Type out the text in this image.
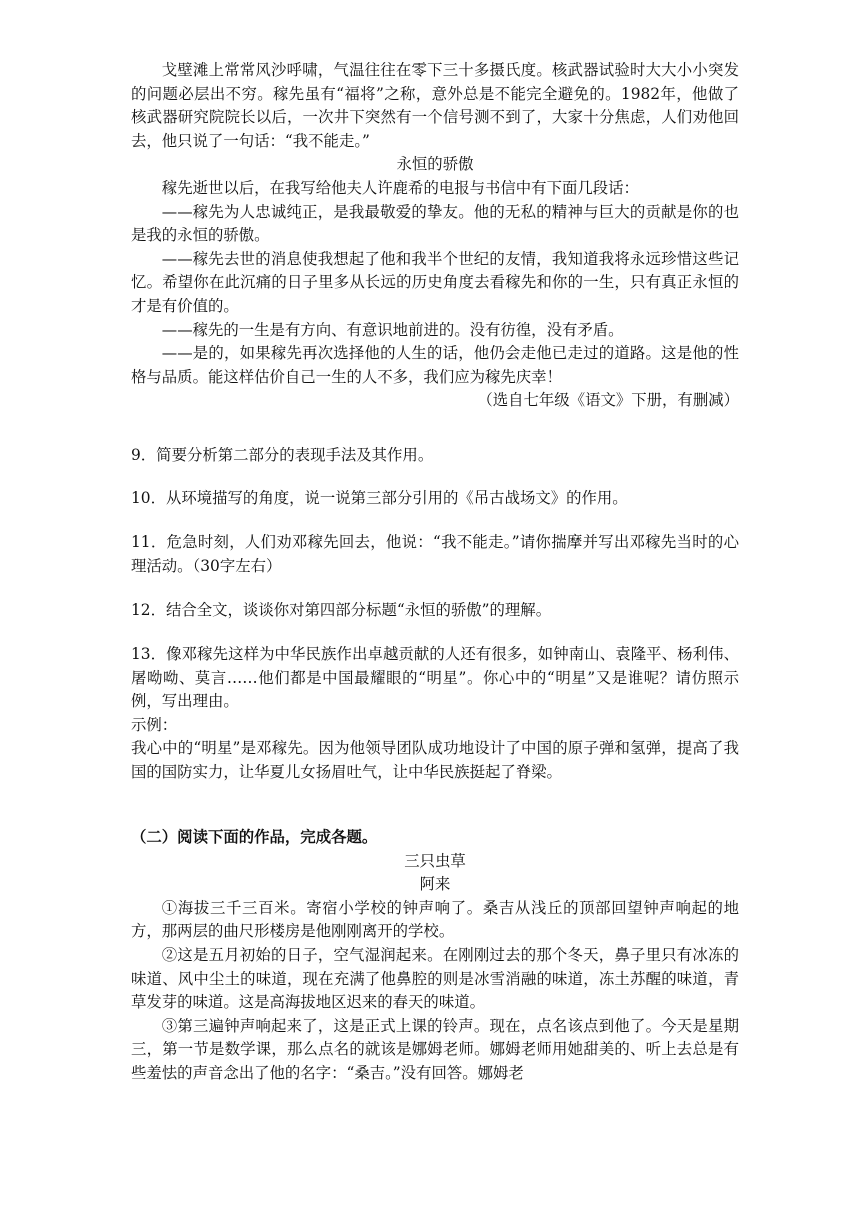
戈壁滩上常常风沙呼啸，气温往往在零下三十多摄氏度。核武器试验时大大小小突发的问题必层出不穷。稼先虽有“福将”之称，意外总是不能完全避免的。1982年，他做了核武器研究院院长以后，一次井下突然有一个信号测不到了，大家十分焦虑，人们劝他回去，他只说了一句话：“我不能走。”

永恒的骄傲

稼先逝世以后，在我写给他夫人许鹿希的电报与书信中有下面几段话：

——稼先为人忠诚纯正，是我最敬爱的挚友。他的无私的精神与巨大的贡献是你的也是我的永恒的骄傲。

——稼先去世的消息使我想起了他和我半个世纪的友情，我知道我将永远珍惜这些记忆。希望你在此沉痛的日子里多从长远的历史角度去看稼先和你的一生，只有真正永恒的才是有价值的。

——稼先的一生是有方向、有意识地前进的。没有彷徨，没有矛盾。

——是的，如果稼先再次选择他的人生的话，他仍会走他已走过的道路。这是他的性格与品质。能这样估价自己一生的人不多，我们应为稼先庆幸！

（选自七年级《语文》下册，有删减）

9．简要分析第二部分的表现手法及其作用。

10．从环境描写的角度，说一说第三部分引用的《吊古战场文》的作用。

11．危急时刻，人们劝邓稼先回去，他说：“我不能走。”请你揣摩并写出邓稼先当时的心理活动。（30字左右）

12．结合全文，谈谈你对第四部分标题“永恒的骄傲”的理解。

13．像邓稼先这样为中华民族作出卓越贡献的人还有很多，如钟南山、袁隆平、杨利伟、屠呦呦、莫言……他们都是中国最耀眼的“明星”。你心中的“明星”又是谁呢？请仿照示例，写出理由。

示例：

我心中的“明星”是邓稼先。因为他领导团队成功地设计了中国的原子弹和氢弹，提高了我国的国防实力，让华夏儿女扬眉吐气，让中华民族挺起了脊梁。

（二）阅读下面的作品，完成各题。

三只虫草

阿来

①海拔三千三百米。寄宿小学校的钟声响了。桑吉从浅丘的顶部回望钟声响起的地方，那两层的曲尺形楼房是他刚刚离开的学校。

②这是五月初始的日子，空气湿润起来。在刚刚过去的那个冬天，鼻子里只有冰冻的味道、风中尘土的味道，现在充满了他鼻腔的则是冰雪消融的味道，冻土苏醒的味道，青草发芽的味道。这是高海拔地区迟来的春天的味道。

③第三遍钟声响起来了，这是正式上课的铃声。现在，点名该点到他了。今天是星期三，第一节是数学课，那么点名的就该是娜姆老师。娜姆老师用她甜美的、听上去总是有些羞怯的声音念出了他的名字：“桑吉。”没有回答。娜姆老
